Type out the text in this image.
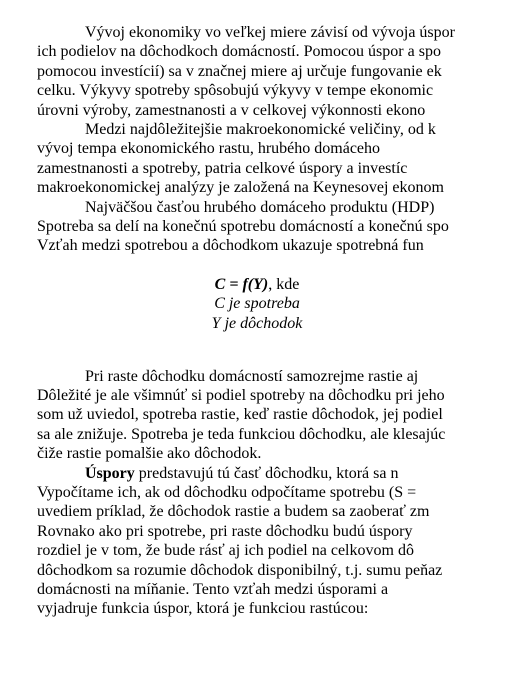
Vývoj ekonomiky vo veľkej miere závisí od vývoja úspor
ich podielov na dôchodkoch domácností. Pomocou úspor a spo
pomocou investícií) sa v značnej miere aj určuje fungovanie ek
celku. Výkyvy spotreby spôsobujú výkyvy v tempe ekonomic
úrovni výroby, zamestnanosti a v celkovej výkonnosti ekono
Medzi najdôležitejšie makroekonomické veličiny, od k
vývoj tempa ekonomického rastu, hrubého domáceho
zamestnanosti a spotreby, patria celkové úspory a investíc
makroekonomickej analýzy je založená na Keynesovej ekonom
Najväčšou časťou hrubého domáceho produktu (HDP)
Spotreba sa delí na konečnú spotrebu domácností a konečnú spo
Vzťah medzi spotrebou a dôchodkom ukazuje spotrebná fun
C = f(Y), kde
C je spotreba
Y je dôchodok
Pri raste dôchodku domácností samozrejme rastie aj
Dôležité je ale všimnúť si podiel spotreby na dôchodku pri jeho
som už uviedol, spotreba rastie, keď rastie dôchodok, jej podiel
sa ale znižuje. Spotreba je teda funkciou dôchodku, ale klesajúc
čiže rastie pomalšie ako dôchodok.
Úspory predstavujú tú časť dôchodku, ktorá sa n
Vypočítame ich, ak od dôchodku odpočítame spotrebu (S =
uvediem príklad, že dôchodok rastie a budem sa zaoberať zm
Rovnako ako pri spotrebe, pri raste dôchodku budú úspory
rozdiel je v tom, že bude rásť aj ich podiel na celkovom dô
dôchodkom sa rozumie dôchodok disponibilný, t.j. sumu peňaz
domácnosti na míňanie. Tento vzťah medzi úsporami a
vyjadruje funkcia úspor, ktorá je funkciou rastúcou:
